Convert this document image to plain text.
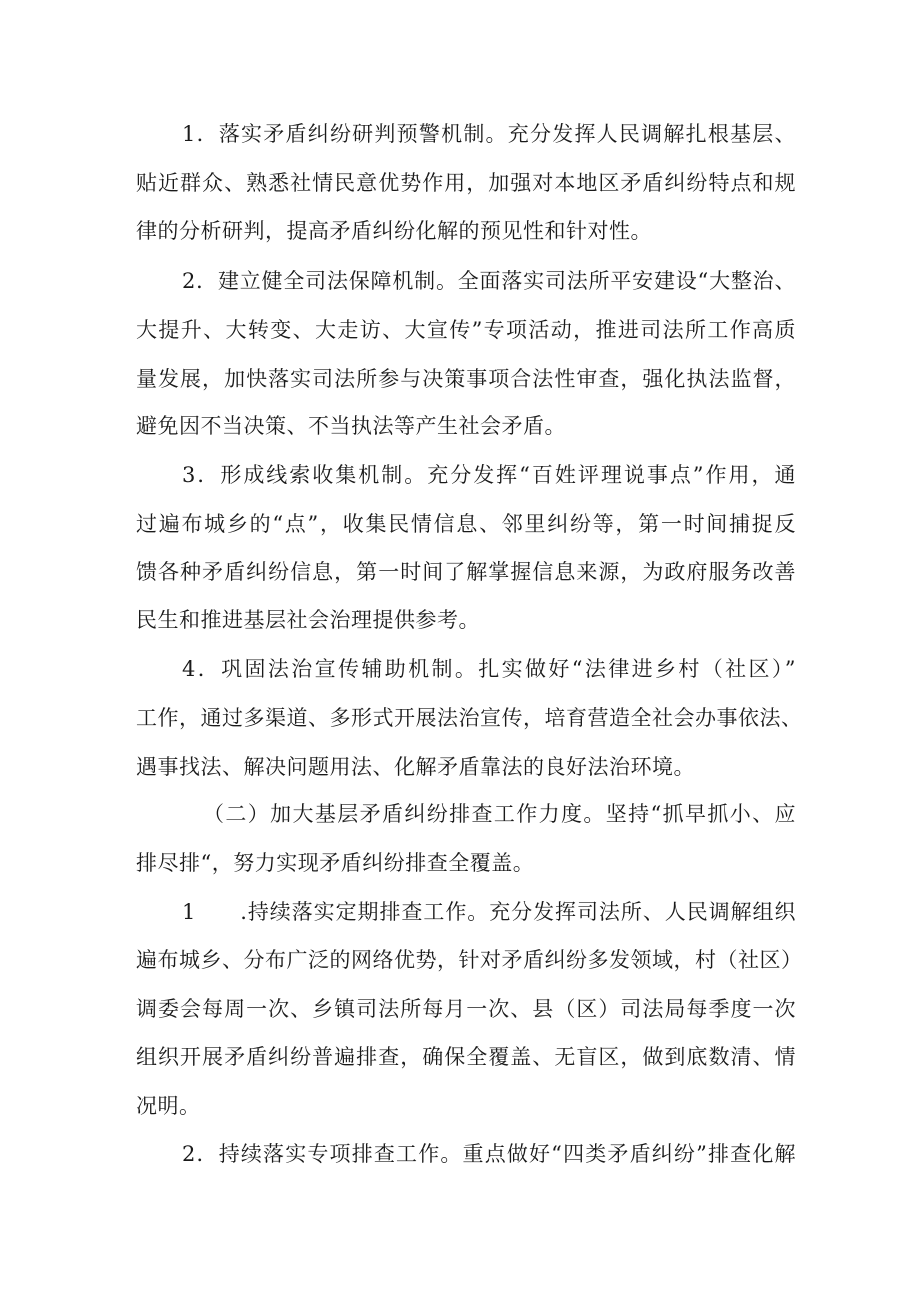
1．落实矛盾纠纷研判预警机制。充分发挥人民调解扎根基层、
贴近群众、熟悉社情民意优势作用，加强对本地区矛盾纠纷特点和规
律的分析研判，提高矛盾纠纷化解的预见性和针对性。
2．建立健全司法保障机制。全面落实司法所平安建设“大整治、
大提升、大转变、大走访、大宣传”专项活动，推进司法所工作高质
量发展，加快落实司法所参与决策事项合法性审查，强化执法监督，
避免因不当决策、不当执法等产生社会矛盾。
3．形成线索收集机制。充分发挥“百姓评理说事点”作用，通
过遍布城乡的“点”，收集民情信息、邻里纠纷等，第一时间捕捉反
馈各种矛盾纠纷信息，第一时间了解掌握信息来源，为政府服务改善
民生和推进基层社会治理提供参考。
4．巩固法治宣传辅助机制。扎实做好“法律进乡村（社区）”
工作，通过多渠道、多形式开展法治宣传，培育营造全社会办事依法、
遇事找法、解决问题用法、化解矛盾靠法的良好法治环境。
（二）加大基层矛盾纠纷排查工作力度。坚持“抓早抓小、应
排尽排“，努力实现矛盾纠纷排查全覆盖。
1　　.持续落实定期排查工作。充分发挥司法所、人民调解组织
遍布城乡、分布广泛的网络优势，针对矛盾纠纷多发领域，村（社区）
调委会每周一次、乡镇司法所每月一次、县（区）司法局每季度一次
组织开展矛盾纠纷普遍排查，确保全覆盖、无盲区，做到底数清、情
况明。
2．持续落实专项排查工作。重点做好“四类矛盾纠纷”排查化解
